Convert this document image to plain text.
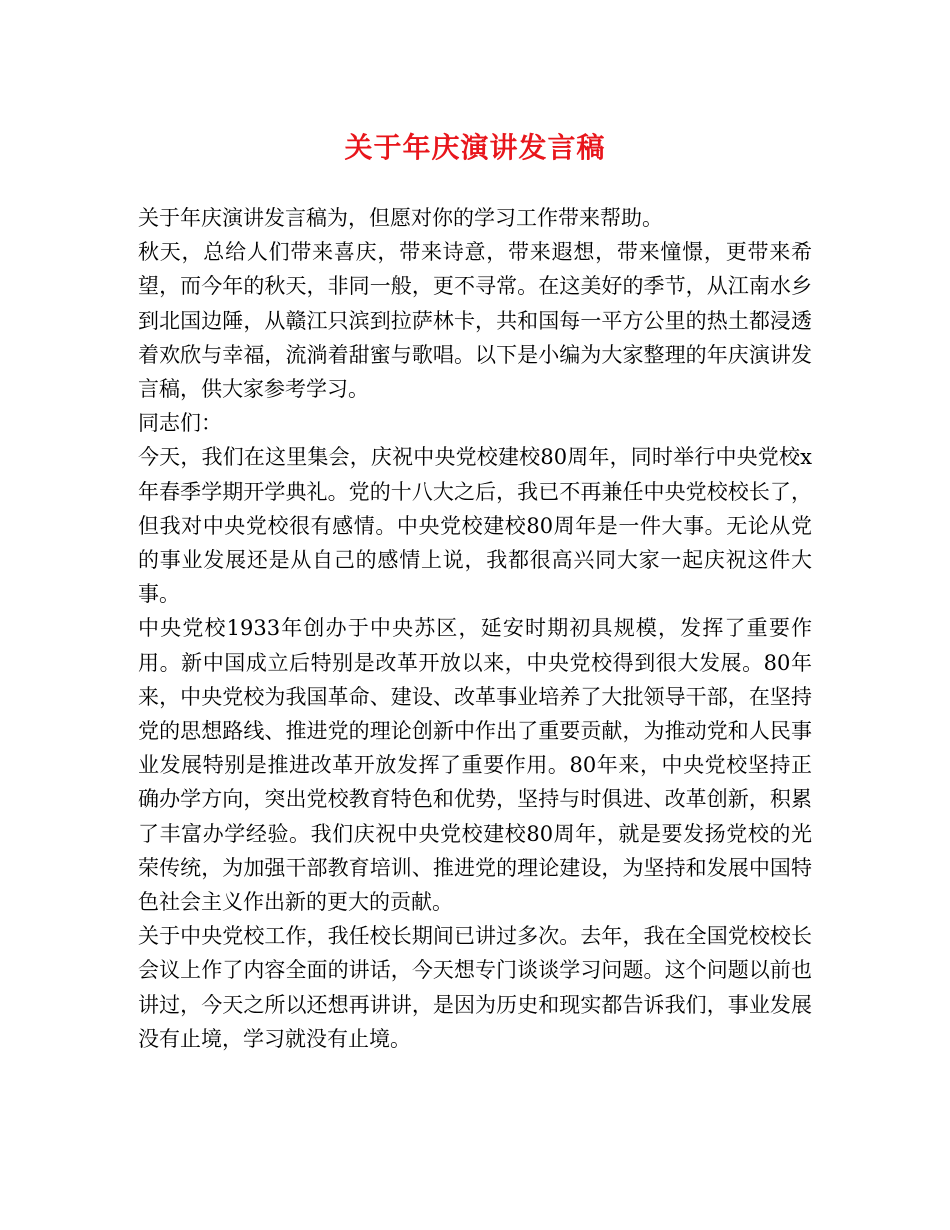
关于年庆演讲发言稿

关于年庆演讲发言稿为，但愿对你的学习工作带来帮助。

秋天，总给人们带来喜庆，带来诗意，带来遐想，带来憧憬，更带来希望，而今年的秋天，非同一般，更不寻常。在这美好的季节，从江南水乡到北国边陲，从赣江只滨到拉萨林卡，共和国每一平方公里的热土都浸透着欢欣与幸福，流淌着甜蜜与歌唱。以下是小编为大家整理的年庆演讲发言稿，供大家参考学习。

同志们：

今天，我们在这里集会，庆祝中央党校建校80周年，同时举行中央党校x年春季学期开学典礼。党的十八大之后，我已不再兼任中央党校校长了，但我对中央党校很有感情。中央党校建校80周年是一件大事。无论从党的事业发展还是从自己的感情上说，我都很高兴同大家一起庆祝这件大事。

中央党校1933年创办于中央苏区，延安时期初具规模，发挥了重要作用。新中国成立后特别是改革开放以来，中央党校得到很大发展。80年来，中央党校为我国革命、建设、改革事业培养了大批领导干部，在坚持党的思想路线、推进党的理论创新中作出了重要贡献，为推动党和人民事业发展特别是推进改革开放发挥了重要作用。80年来，中央党校坚持正确办学方向，突出党校教育特色和优势，坚持与时俱进、改革创新，积累了丰富办学经验。我们庆祝中央党校建校80周年，就是要发扬党校的光荣传统，为加强干部教育培训、推进党的理论建设，为坚持和发展中国特色社会主义作出新的更大的贡献。

关于中央党校工作，我任校长期间已讲过多次。去年，我在全国党校校长会议上作了内容全面的讲话，今天想专门谈谈学习问题。这个问题以前也讲过，今天之所以还想再讲讲，是因为历史和现实都告诉我们，事业发展没有止境，学习就没有止境。
